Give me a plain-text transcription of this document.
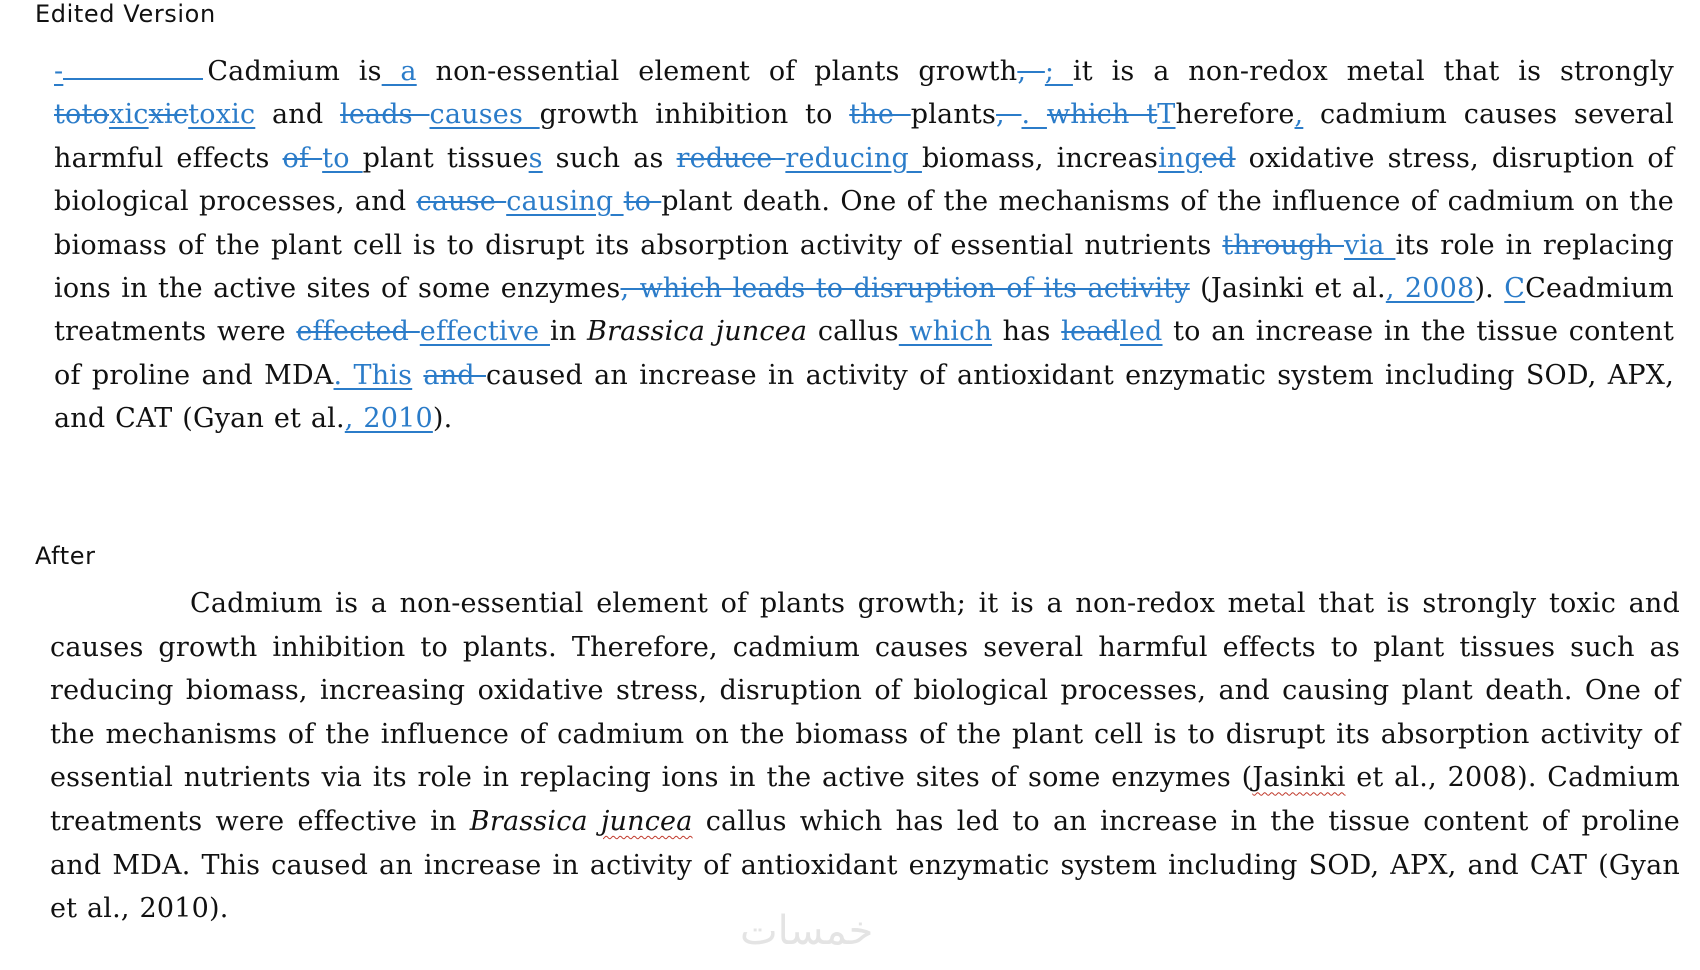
Edited Version

-	Cadmium is a non-essential element of plants growth, ; it is a non-redox metal that is strongly totoxicxictoxic and leads causes growth inhibition to the plants, . which tTherefore, cadmium causes several harmful effects of to plant tissues such as reduce reducing biomass, increasinged oxidative stress, disruption of biological processes, and cause causing to plant death. One of the mechanisms of the influence of cadmium on the biomass of the plant cell is to disrupt its absorption activity of essential nutrients through via its role in replacing ions in the active sites of some enzymes, which leads to disruption of its activity (Jasinki et al., 2008). CCeadmium treatments were effected effective in Brassica juncea callus which has leadled to an increase in the tissue content of proline and MDA. This and caused an increase in activity of antioxidant enzymatic system including SOD, APX, and CAT (Gyan et al., 2010).

After

Cadmium is a non-essential element of plants growth; it is a non-redox metal that is strongly toxic and causes growth inhibition to plants. Therefore, cadmium causes several harmful effects to plant tissues such as reducing biomass, increasing oxidative stress, disruption of biological processes, and causing plant death. One of the mechanisms of the influence of cadmium on the biomass of the plant cell is to disrupt its absorption activity of essential nutrients via its role in replacing ions in the active sites of some enzymes (Jasinki et al., 2008). Cadmium treatments were effective in Brassica juncea callus which has led to an increase in the tissue content of proline and MDA. This caused an increase in activity of antioxidant enzymatic system including SOD, APX, and CAT (Gyan et al., 2010).	خمسات
